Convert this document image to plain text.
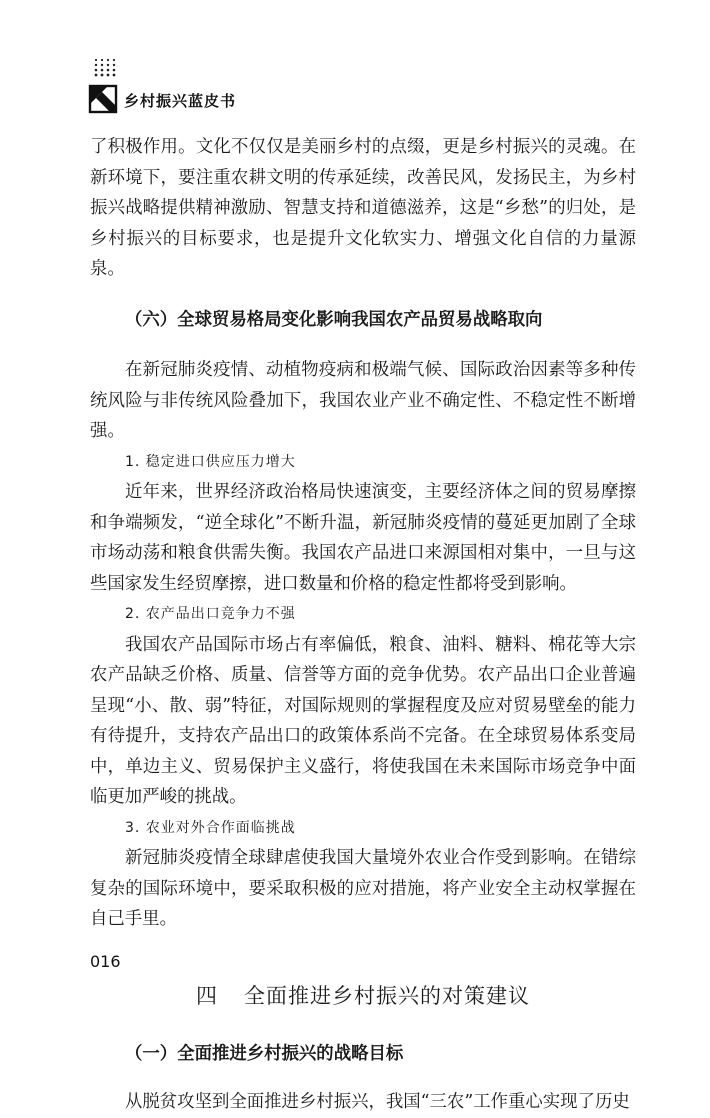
乡村振兴蓝皮书

了积极作用。文化不仅仅是美丽乡村的点缀，更是乡村振兴的灵魂。在新环境下，要注重农耕文明的传承延续，改善民风，发扬民主，为乡村振兴战略提供精神激励、智慧支持和道德滋养，这是“乡愁”的归处，是乡村振兴的目标要求，也是提升文化软实力、增强文化自信的力量源泉。

（六）全球贸易格局变化影响我国农产品贸易战略取向

在新冠肺炎疫情、动植物疫病和极端气候、国际政治因素等多种传统风险与非传统风险叠加下，我国农业产业不确定性、不稳定性不断增强。

1. 稳定进口供应压力增大

近年来，世界经济政治格局快速演变，主要经济体之间的贸易摩擦和争端频发，“逆全球化”不断升温，新冠肺炎疫情的蔓延更加剧了全球市场动荡和粮食供需失衡。我国农产品进口来源国相对集中，一旦与这些国家发生经贸摩擦，进口数量和价格的稳定性都将受到影响。

2. 农产品出口竞争力不强

我国农产品国际市场占有率偏低，粮食、油料、糖料、棉花等大宗农产品缺乏价格、质量、信誉等方面的竞争优势。农产品出口企业普遍呈现“小、散、弱”特征，对国际规则的掌握程度及应对贸易壁垒的能力有待提升，支持农产品出口的政策体系尚不完备。在全球贸易体系变局中，单边主义、贸易保护主义盛行，将使我国在未来国际市场竞争中面临更加严峻的挑战。

3. 农业对外合作面临挑战

新冠肺炎疫情全球肆虐使我国大量境外农业合作受到影响。在错综复杂的国际环境中，要采取积极的应对措施，将产业安全主动权掌握在自己手里。

四 全面推进乡村振兴的对策建议
（一）全面推进乡村振兴的战略目标

从脱贫攻坚到全面推进乡村振兴，我国“三农”工作重心实现了历史

016
